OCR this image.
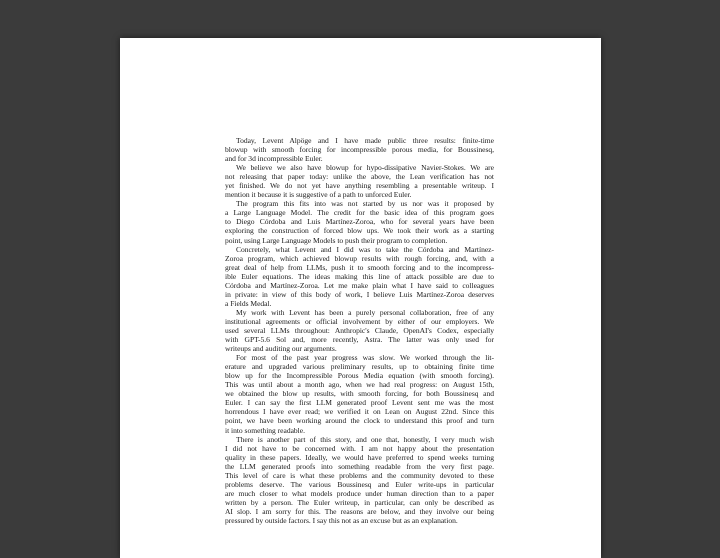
Today, Levent Alpöge and I have made public three results: finite-time
blowup with smooth forcing for incompressible porous media, for Boussinesq,
and for 3d incompressible Euler.
We believe we also have blowup for hypo-dissipative Navier-Stokes. We are
not releasing that paper today: unlike the above, the Lean verification has not
yet finished. We do not yet have anything resembling a presentable writeup. I
mention it because it is suggestive of a path to unforced Euler.
The program this fits into was not started by us nor was it proposed by
a Large Language Model. The credit for the basic idea of this program goes
to Diego Córdoba and Luis Martínez-Zoroa, who for several years have been
exploring the construction of forced blow ups. We took their work as a starting
point, using Large Language Models to push their program to completion.
Concretely, what Levent and I did was to take the Córdoba and Martínez-
Zoroa program, which achieved blowup results with rough forcing, and, with a
great deal of help from LLMs, push it to smooth forcing and to the incompress-
ible Euler equations. The ideas making this line of attack possible are due to
Córdoba and Martínez-Zoroa. Let me make plain what I have said to colleagues
in private: in view of this body of work, I believe Luis Martínez-Zoroa deserves
a Fields Medal.
My work with Levent has been a purely personal collaboration, free of any
institutional agreements or official involvement by either of our employers. We
used several LLMs throughout: Anthropic's Claude, OpenAI's Codex, especially
with GPT-5.6 Sol and, more recently, Astra. The latter was only used for
writeups and auditing our arguments.
For most of the past year progress was slow. We worked through the lit-
erature and upgraded various preliminary results, up to obtaining finite time
blow up for the Incompressible Porous Media equation (with smooth forcing).
This was until about a month ago, when we had real progress: on August 15th,
we obtained the blow up results, with smooth forcing, for both Boussinesq and
Euler. I can say the first LLM generated proof Levent sent me was the most
horrendous I have ever read; we verified it on Lean on August 22nd. Since this
point, we have been working around the clock to understand this proof and turn
it into something readable.
There is another part of this story, and one that, honestly, I very much wish
I did not have to be concerned with. I am not happy about the presentation
quality in these papers. Ideally, we would have preferred to spend weeks turning
the LLM generated proofs into something readable from the very first page.
This level of care is what these problems and the community devoted to these
problems deserve. The various Boussinesq and Euler write-ups in particular
are much closer to what models produce under human direction than to a paper
written by a person. The Euler writeup, in particular, can only be described as
AI slop. I am sorry for this. The reasons are below, and they involve our being
pressured by outside factors. I say this not as an excuse but as an explanation.
